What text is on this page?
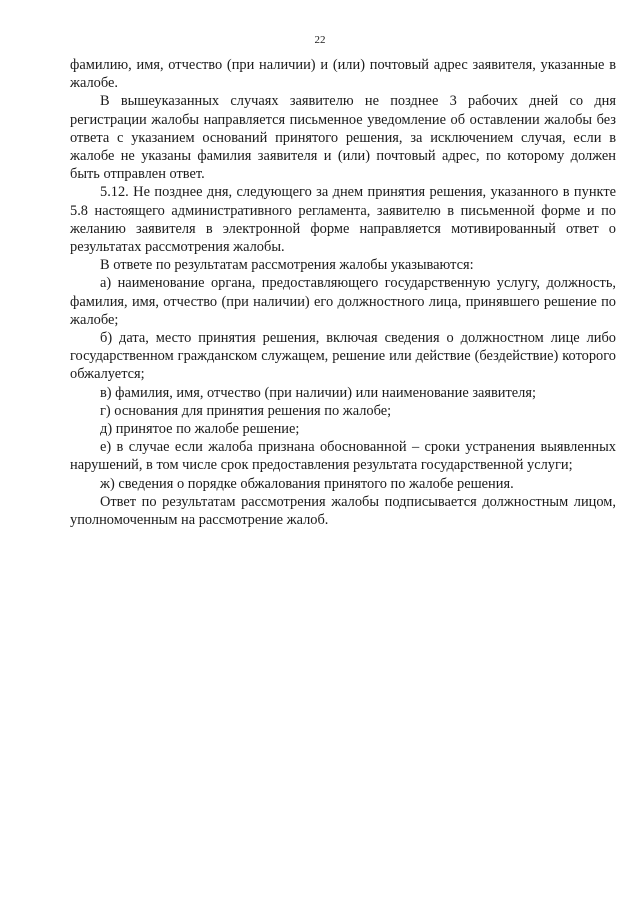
22

фамилию, имя, отчество (при наличии) и (или) почтовый адрес заявителя, указанные в жалобе.

В вышеуказанных случаях заявителю не позднее 3 рабочих дней со дня регистрации жалобы направляется письменное уведомление об оставлении жалобы без ответа с указанием оснований принятого решения, за исключением случая, если в жалобе не указаны фамилия заявителя и (или) почтовый адрес, по которому должен быть отправлен ответ.

5.12. Не позднее дня, следующего за днем принятия решения, указанного в пункте 5.8 настоящего административного регламента, заявителю в письменной форме и по желанию заявителя в электронной форме направляется мотивированный ответ о результатах рассмотрения жалобы.

В ответе по результатам рассмотрения жалобы указываются:

а) наименование органа, предоставляющего государственную услугу, должность, фамилия, имя, отчество (при наличии) его должностного лица, принявшего решение по жалобе;

б) дата, место принятия решения, включая сведения о должностном лице либо государственном гражданском служащем, решение или действие (бездействие) которого обжалуется;

в) фамилия, имя, отчество (при наличии) или наименование заявителя;

г) основания для принятия решения по жалобе;

д) принятое по жалобе решение;

е) в случае если жалоба признана обоснованной – сроки устранения выявленных нарушений, в том числе срок предоставления результата государственной услуги;

ж) сведения о порядке обжалования принятого по жалобе решения.

Ответ по результатам рассмотрения жалобы подписывается должностным лицом, уполномоченным на рассмотрение жалоб.
